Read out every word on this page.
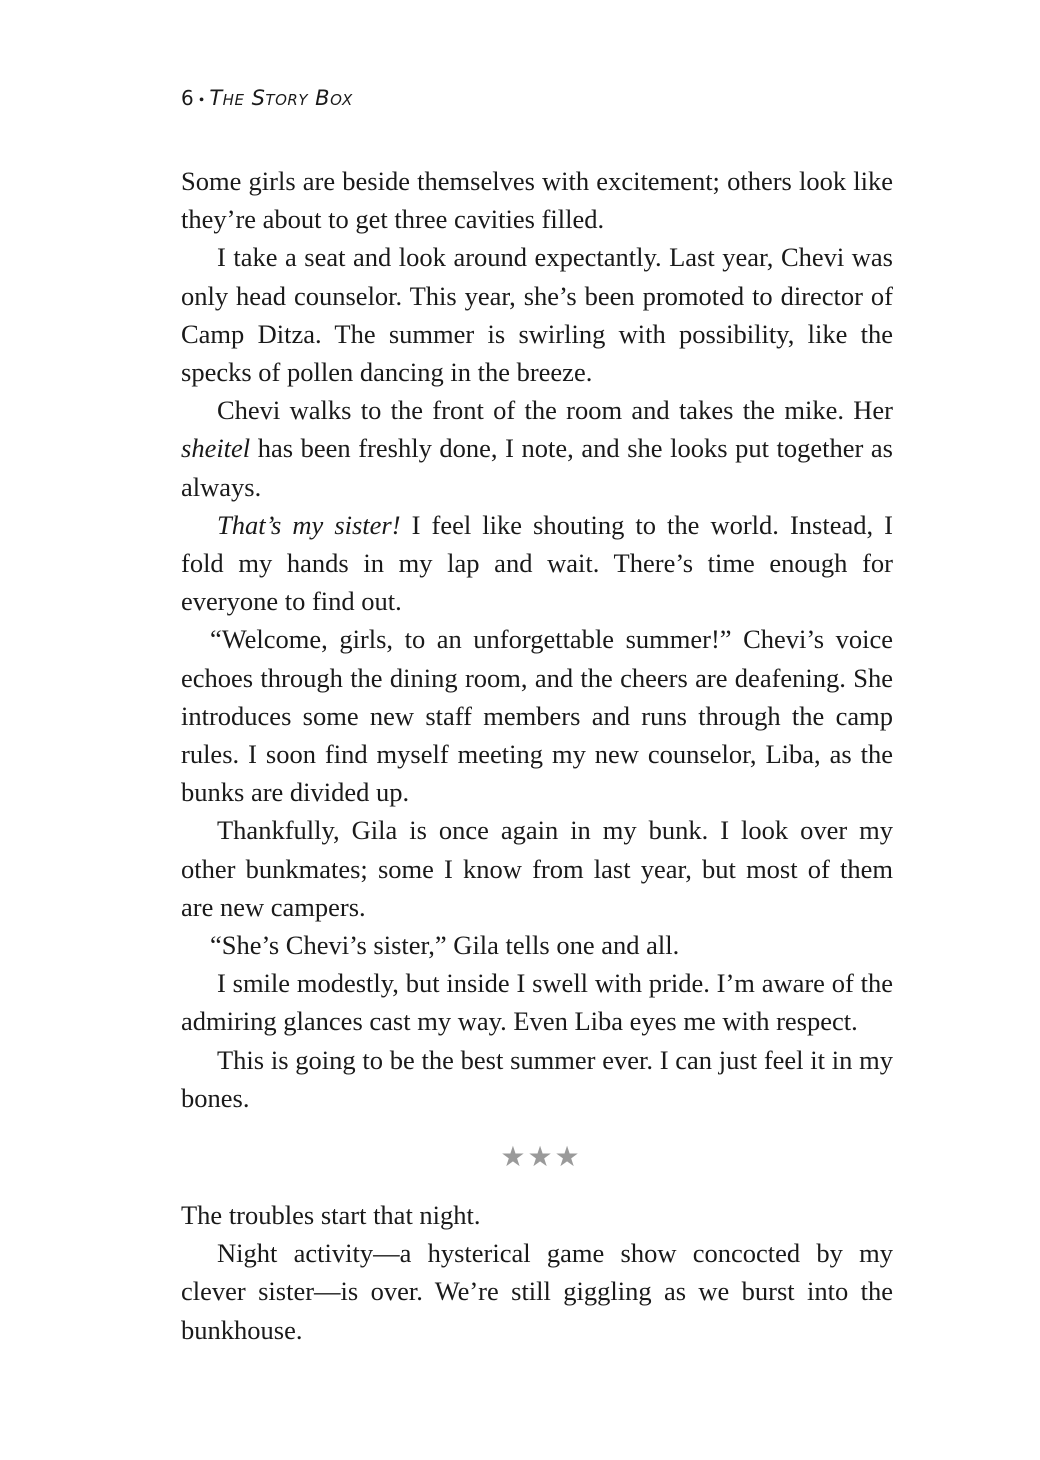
6 • The Story Box

Some girls are beside themselves with excitement; others look like they’re about to get three cavities filled.

I take a seat and look around expectantly. Last year, Chevi was only head counselor. This year, she’s been promoted to director of Camp Ditza. The summer is swirling with possibility, like the specks of pollen dancing in the breeze.

Chevi walks to the front of the room and takes the mike. Her sheitel has been freshly done, I note, and she looks put together as always.

That’s my sister! I feel like shouting to the world. Instead, I fold my hands in my lap and wait. There’s time enough for everyone to find out.

“Welcome, girls, to an unforgettable summer!” Chevi’s voice echoes through the dining room, and the cheers are deafening. She introduces some new staff members and runs through the camp rules. I soon find myself meeting my new counselor, Liba, as the bunks are divided up.

Thankfully, Gila is once again in my bunk. I look over my other bunkmates; some I know from last year, but most of them are new campers.

“She’s Chevi’s sister,” Gila tells one and all.

I smile modestly, but inside I swell with pride. I’m aware of the admiring glances cast my way. Even Liba eyes me with respect.

This is going to be the best summer ever. I can just feel it in my bones.

★★★

The troubles start that night.

Night activity—a hysterical game show concocted by my clever sister—is over. We’re still giggling as we burst into the bunkhouse.
